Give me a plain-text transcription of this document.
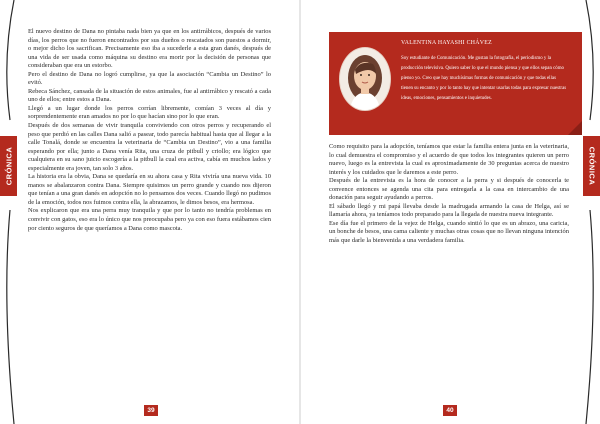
CRÓNICA

El nuevo destino de Dana no pintaba nada bien ya que en los antirrábicos, después de varios días, los perros que no fueron encontrados por sus dueños o rescatados son puestos a dormir, o mejor dicho los sacrifican. Precisamente eso iba a sucederle a esta gran danés, después de una vida de ser usada como máquina su destino era morir por la decisión de personas que consideraban que era un estorbo.

Pero el destino de Dana no logró cumplirse, ya que la asociación “Cambia un Destino” lo evitó.

Rebeca Sánchez, cansada de la situación de estos animales, fue al antirrábico y rescató a cada uno de ellos; entre estos a Dana.

Llegó a un lugar donde los perros corrían libremente, comían 3 veces al día y sorprendentemente eran amados no por lo que hacían sino por lo que eran.

Después de dos semanas de vivir tranquila conviviendo con otros perros y recuperando el peso que perdió en las calles Dana salió a pasear, todo parecía habitual hasta que al llegar a la calle Tonalá, donde se encuentra la veterinaria de “Cambia un Destino”, vio a una familia esperando por ella; junto a Dana venía Rita, una cruza de pitbull y criollo; era lógico que cualquiera en su sano juicio escogería a la pitbull la cual era activa, cabía en muchos lados y especialmente era joven, tan solo 3 años.

La historia era la obvia, Dana se quedaría en su ahora casa y Rita viviría una nueva vida. 10 manos se abalanzaron contra Dana. Siempre quisimos un perro grande y cuando nos dijeron que tenían a una gran danés en adopción no lo pensamos dos veces. Cuando llegó no pudimos de la emoción, todos nos fuimos contra ella, la abrazamos, le dimos besos, era hermosa.

Nos explicaron que era una perra muy tranquila y que por lo tanto no tendría problemas en convivir con gatos, eso era lo único que nos preocupaba pero ya con eso fuera estábamos cien por ciento seguros de que queríamos a Dana como mascota.

39
VALENTINA HAYASHI CHÁVEZ
Soy estudiante de Comunicación. Me gustan la fotografía, el periodismo y la producción televisiva. Quiero saber lo que el mundo piensa y que ellos sepan cómo pienso yo. Creo que hay muchísimas formas de comunicación y que todas ellas tienen su encanto y por lo tanto hay que intentar usarlas todas para expresar nuestras ideas, emociones, pensamientos e inquietudes.
CRÓNICA

Como requisito para la adopción, teníamos que estar la familia entera junta en la veterinaria, lo cual demuestra el compromiso y el acuerdo de que todos los integrantes quieren un perro nuevo, luego es la entrevista la cual es aproximadamente de 30 preguntas acerca de nuestro interés y los cuidados que le daremos a este perro.

Después de la entrevista es la hora de conocer a la perra y si después de conocerla te convence entonces se agenda una cita para entregarla a la casa en intercambio de una donación para seguir ayudando a perros.

El sábado llegó y mi papá llevaba desde la madrugada armando la casa de Helga, así se llamaría ahora, ya teníamos todo preparado para la llegada de nuestra nueva integrante.

Ese día fue el primero de la vejez de Helga, cuando sintió lo que es un abrazo, una caricia, un bonche de besos, una cama caliente y muchas otras cosas que no llevan ninguna intención más que darle la bienvenida a una verdadera familia.

40
